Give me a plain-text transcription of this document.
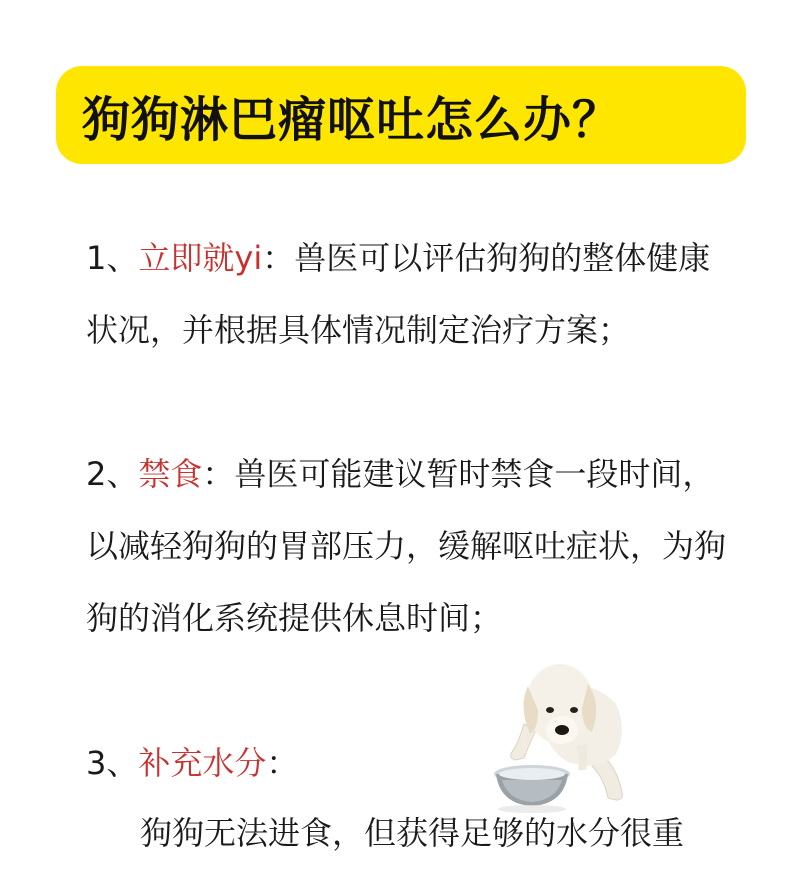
狗狗淋巴瘤呕吐怎么办？
1、立即就yi：兽医可以评估狗狗的整体健康状况，并根据具体情况制定治疗方案；
2、禁食：兽医可能建议暂时禁食一段时间，以减轻狗狗的胃部压力，缓解呕吐症状，为狗狗的消化系统提供休息时间；
3、补充水分：
狗狗无法进食，但获得足够的水分很重
